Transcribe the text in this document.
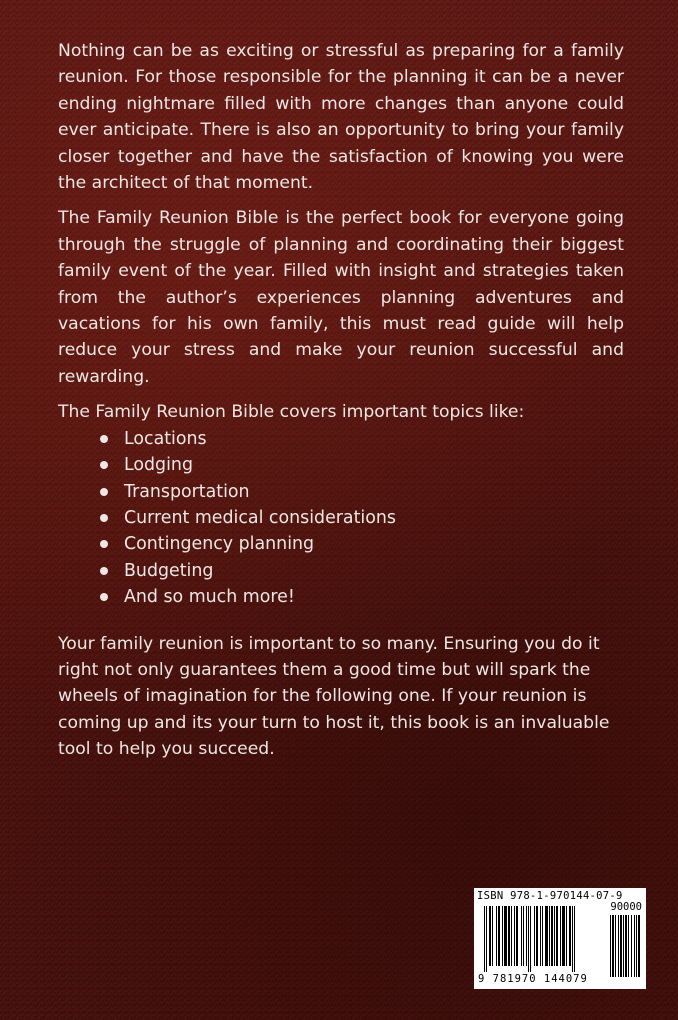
Nothing can be as exciting or stressful as preparing for a family reunion. For those responsible for the planning it can be a never ending nightmare filled with more changes than anyone could ever anticipate. There is also an opportunity to bring your family closer together and have the satisfaction of knowing you were the architect of that moment.

The Family Reunion Bible is the perfect book for everyone going through the struggle of planning and coordinating their biggest family event of the year. Filled with insight and strategies taken from the author’s experiences planning adventures and vacations for his own family, this must read guide will help reduce your stress and make your reunion successful and rewarding.

The Family Reunion Bible covers important topics like:

Locations
Lodging
Transportation
Current medical considerations
Contingency planning
Budgeting
And so much more!

Your family reunion is important to so many. Ensuring you do it right not only guarantees them a good time but will spark the wheels of imagination for the following one. If your reunion is coming up and its your turn to host it, this book is an invaluable tool to help you succeed.

ISBN 978-1-970144-07-9
90000
9 781970 144079
